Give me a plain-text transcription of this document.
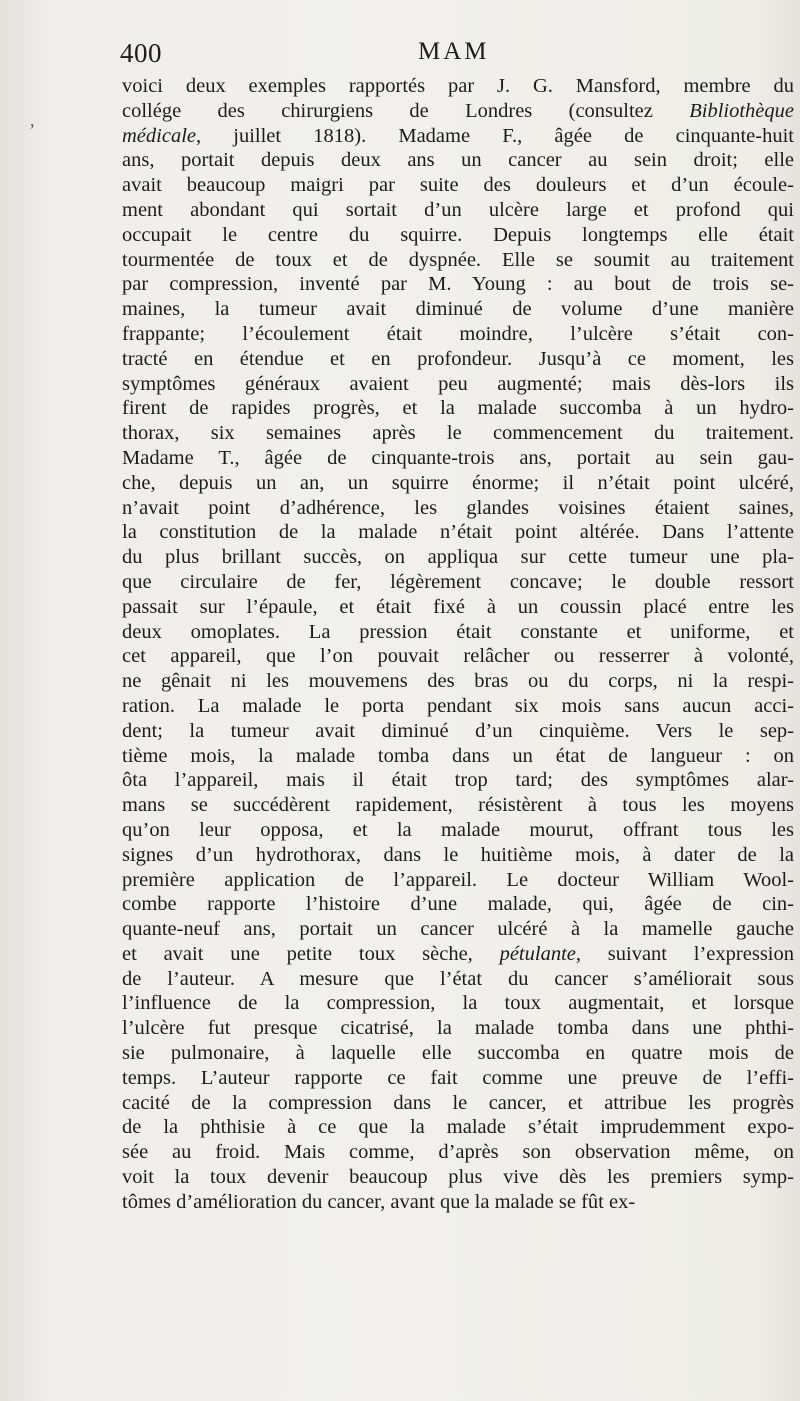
400	MAM
,
voici deux exemples rapportés par J. G. Mansford, membre du
collége des chirurgiens de Londres (consultez Bibliothèque
médicale, juillet 1818). Madame F., âgée de cinquante-huit
ans, portait depuis deux ans un cancer au sein droit; elle
avait beaucoup maigri par suite des douleurs et d’un écoule-
ment abondant qui sortait d’un ulcère large et profond qui
occupait le centre du squirre. Depuis longtemps elle était
tourmentée de toux et de dyspnée. Elle se soumit au traitement
par compression, inventé par M. Young : au bout de trois se-
maines, la tumeur avait diminué de volume d’une manière
frappante; l’écoulement était moindre, l’ulcère s’était con-
tracté en étendue et en profondeur. Jusqu’à ce moment, les
symptômes généraux avaient peu augmenté; mais dès-lors ils
firent de rapides progrès, et la malade succomba à un hydro-
thorax, six semaines après le commencement du traitement.
Madame T., âgée de cinquante-trois ans, portait au sein gau-
che, depuis un an, un squirre énorme; il n’était point ulcéré,
n’avait point d’adhérence, les glandes voisines étaient saines,
la constitution de la malade n’était point altérée. Dans l’attente
du plus brillant succès, on appliqua sur cette tumeur une pla-
que circulaire de fer, légèrement concave; le double ressort
passait sur l’épaule, et était fixé à un coussin placé entre les
deux omoplates. La pression était constante et uniforme, et
cet appareil, que l’on pouvait relâcher ou resserrer à volonté,
ne gênait ni les mouvemens des bras ou du corps, ni la respi-
ration. La malade le porta pendant six mois sans aucun acci-
dent; la tumeur avait diminué d’un cinquième. Vers le sep-
tième mois, la malade tomba dans un état de langueur : on
ôta l’appareil, mais il était trop tard; des symptômes alar-
mans se succédèrent rapidement, résistèrent à tous les moyens
qu’on leur opposa, et la malade mourut, offrant tous les
signes d’un hydrothorax, dans le huitième mois, à dater de la
première application de l’appareil. Le docteur William Wool-
combe rapporte l’histoire d’une malade, qui, âgée de cin-
quante-neuf ans, portait un cancer ulcéré à la mamelle gauche
et avait une petite toux sèche, pétulante, suivant l’expression
de l’auteur. A mesure que l’état du cancer s’améliorait sous
l’influence de la compression, la toux augmentait, et lorsque
l’ulcère fut presque cicatrisé, la malade tomba dans une phthi-
sie pulmonaire, à laquelle elle succomba en quatre mois de
temps. L’auteur rapporte ce fait comme une preuve de l’effi-
cacité de la compression dans le cancer, et attribue les progrès
de la phthisie à ce que la malade s’était imprudemment expo-
sée au froid. Mais comme, d’après son observation même, on
voit la toux devenir beaucoup plus vive dès les premiers symp-
tômes d’amélioration du cancer, avant que la malade se fût ex-
